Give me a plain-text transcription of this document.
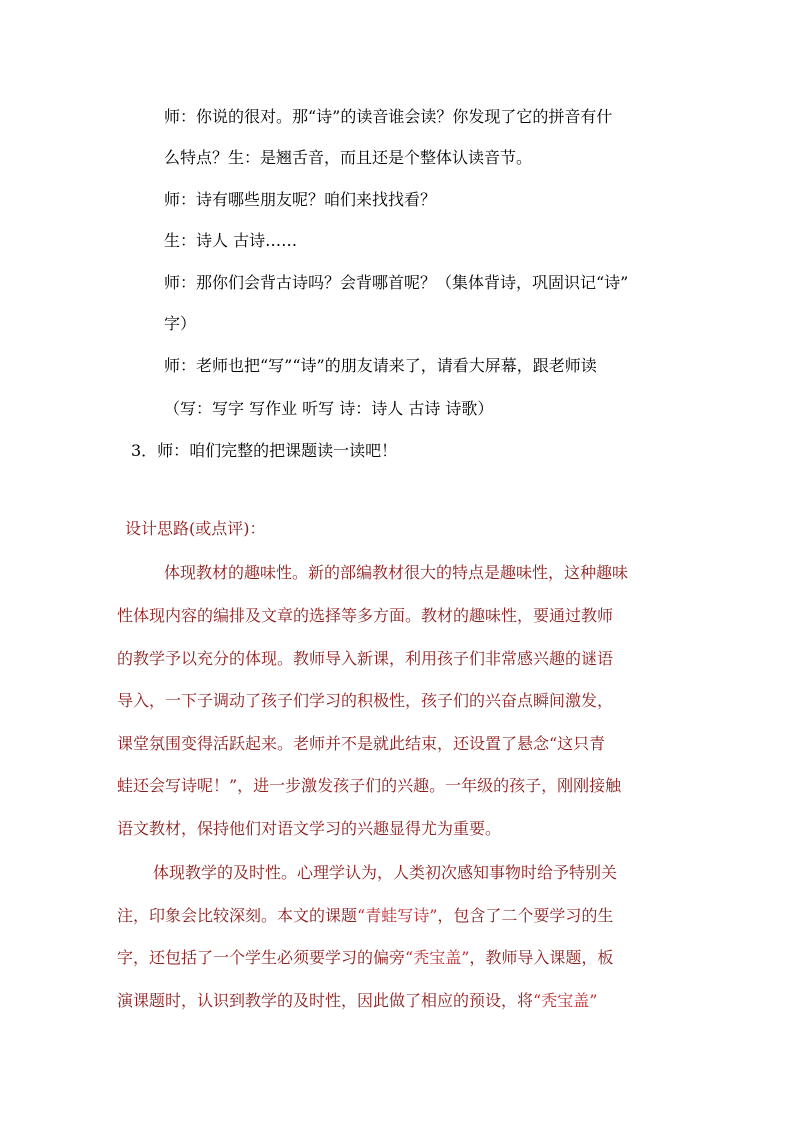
师：你说的很对。那“诗”的读音谁会读？你发现了它的拼音有什
么特点？生：是翘舌音，而且还是个整体认读音节。
师：诗有哪些朋友呢？咱们来找找看？
生：诗人 古诗……
师：那你们会背古诗吗？会背哪首呢？（集体背诗，巩固识记“诗”
字）
师：老师也把“写”“诗”的朋友请来了，请看大屏幕，跟老师读
（写：写字 写作业 听写 诗：诗人 古诗 诗歌）
3．师：咱们完整的把课题读一读吧！
设计思路(或点评)：
体现教材的趣味性。新的部编教材很大的特点是趣味性，这种趣味
性体现内容的编排及文章的选择等多方面。教材的趣味性，要通过教师
的教学予以充分的体现。教师导入新课，利用孩子们非常感兴趣的谜语
导入，一下子调动了孩子们学习的积极性，孩子们的兴奋点瞬间激发，
课堂氛围变得活跃起来。老师并不是就此结束，还设置了悬念“这只青
蛙还会写诗呢！”，进一步激发孩子们的兴趣。一年级的孩子，刚刚接触
语文教材，保持他们对语文学习的兴趣显得尤为重要。
体现教学的及时性。心理学认为，人类初次感知事物时给予特别关
注，印象会比较深刻。本文的课题“青蛙写诗”，包含了二个要学习的生
字，还包括了一个学生必须要学习的偏旁“秃宝盖”，教师导入课题，板
演课题时，认识到教学的及时性，因此做了相应的预设，将“秃宝盖”
